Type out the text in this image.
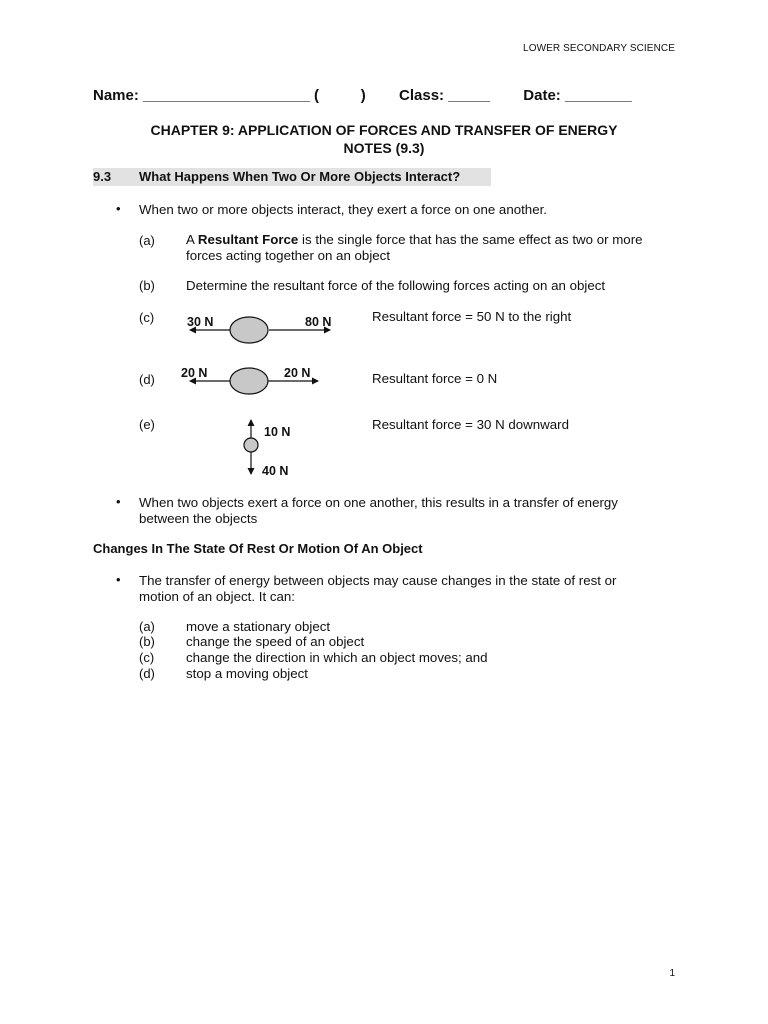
LOWER SECONDARY SCIENCE
Name: ____________________ (          )        Class: _____        Date: ________
CHAPTER 9: APPLICATION OF FORCES AND TRANSFER OF ENERGY
NOTES (9.3)
9.3 What Happens When Two Or More Objects Interact?
• When two or more objects interact, they exert a force on one another.
(a) A Resultant Force is the single force that has the same effect as two or more
forces acting together on an object
(b) Determine the resultant force of the following forces acting on an object
(c)	30 N	80 N	Resultant force = 50 N to the right
(d) 20 N	20 N	Resultant force = 0 N
(e)	10 N
40 N
Resultant force = 30 N downward
• When two objects exert a force on one another, this results in a transfer of energy
between the objects
Changes In The State Of Rest Or Motion Of An Object
• The transfer of energy between objects may cause changes in the state of rest or
motion of an object. It can:
(a) move a stationary object
(b) change the speed of an object
(c) change the direction in which an object moves; and
(d) stop a moving object
1
